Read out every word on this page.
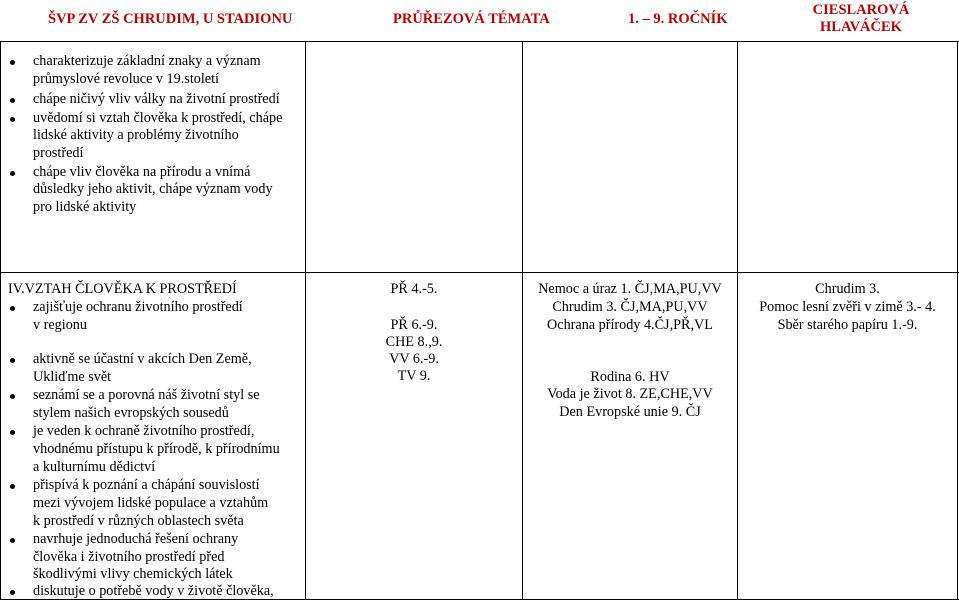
ŠVP ZV ZŠ CHRUDIM, U STADIONU	PRŮŘEZOVÁ TÉMATA	1. – 9. ROČNÍK
CIESLAROVÁ
HLAVÁČEK
charakterizuje základní znaky a význam
průmyslové revoluce v 19.století
chápe ničivý vliv války na životní prostředí
uvědomí si vztah člověka k prostředí, chápe
lidské aktivity a problémy životního
prostředí
chápe vliv člověka na přírodu a vnímá
důsledky jeho aktivit, chápe význam vody
pro lidské aktivity
IV.VZTAH ČLOVĚKA K PROSTŘEDÍ
zajišťuje ochranu životního prostředí
v regionu
aktivně se účastní v akcích Den Země,
Ukliďme svět
seznámí se a porovná náš životní styl se
stylem našich evropských sousedů
je veden k ochraně životního prostředí,
vhodnému přístupu k přírodě, k přírodnímu
a kulturnímu dědictví
přispívá k poznání a chápání souvislostí
mezi vývojem lidské populace a vztahům
k prostředí v různých oblastech světa
navrhuje jednoduchá řešení ochrany
člověka i životního prostředí před
škodlivými vlivy chemických látek
diskutuje o potřebě vody v životě člověka,
PŘ 4.-5.
PŘ 6.-9.
CHE 8.,9.
VV 6.-9.
TV 9.
Nemoc a úraz 1. ČJ,MA,PU,VV
Chrudim 3. ČJ,MA,PU,VV
Ochrana přírody 4.ČJ,PŘ,VL
Rodina 6. HV
Voda je život 8. ZE,CHE,VV
Den Evropské unie 9. ČJ
Chrudim 3.
Pomoc lesní zvěři v zimě 3.- 4.
Sběr starého papíru 1.-9.
